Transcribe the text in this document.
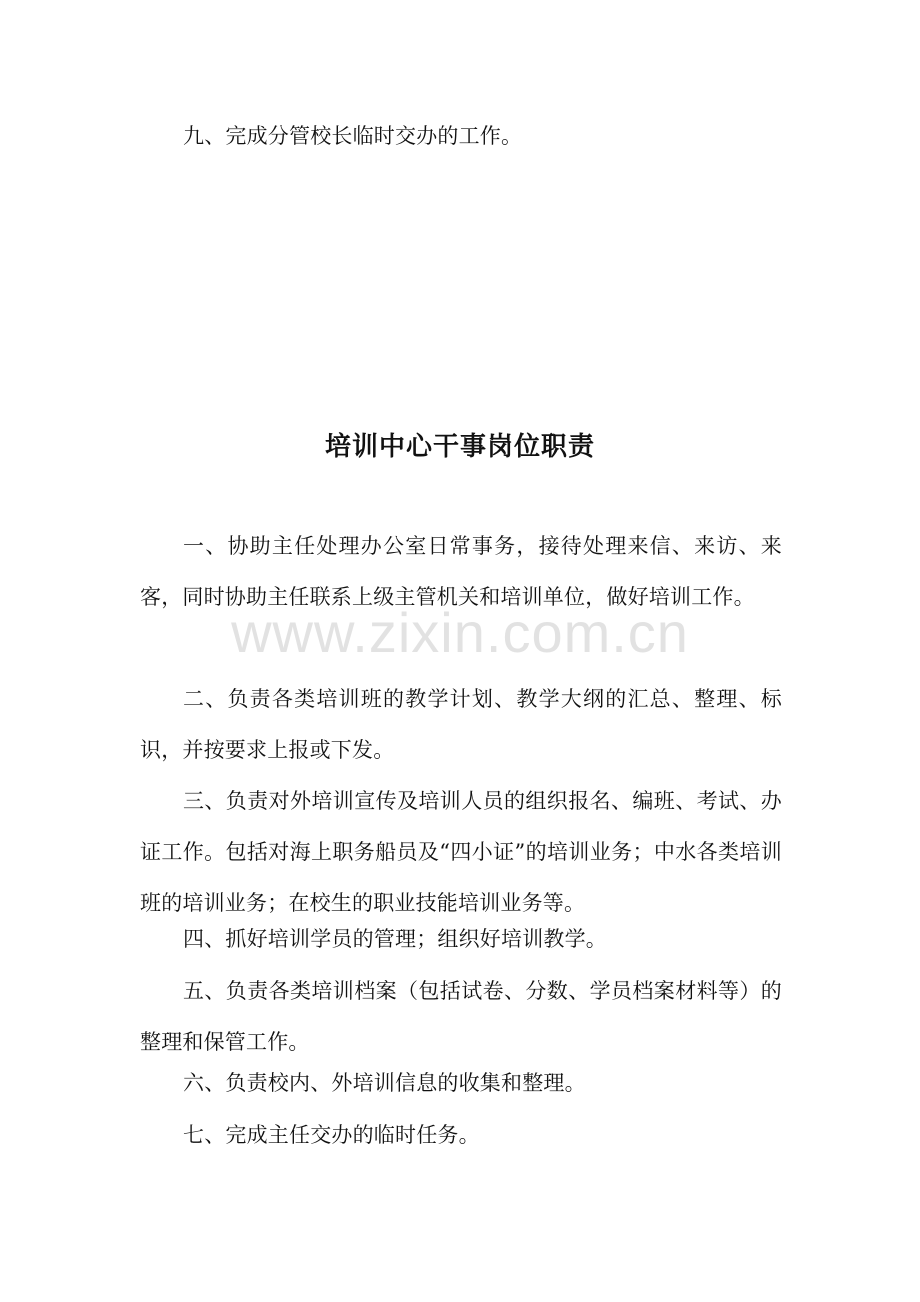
九、完成分管校长临时交办的工作。

培训中心干事岗位职责

一、协助主任处理办公室日常事务，接待处理来信、来访、来客，同时协助主任联系上级主管机关和培训单位，做好培训工作。

二、负责各类培训班的教学计划、教学大纲的汇总、整理、标识，并按要求上报或下发。

三、负责对外培训宣传及培训人员的组织报名、编班、考试、办证工作。包括对海上职务船员及“四小证”的培训业务；中水各类培训班的培训业务；在校生的职业技能培训业务等。

四、抓好培训学员的管理；组织好培训教学。

五、负责各类培训档案（包括试卷、分数、学员档案材料等）的整理和保管工作。

六、负责校内、外培训信息的收集和整理。

七、完成主任交办的临时任务。

www.zixin.com.cn
